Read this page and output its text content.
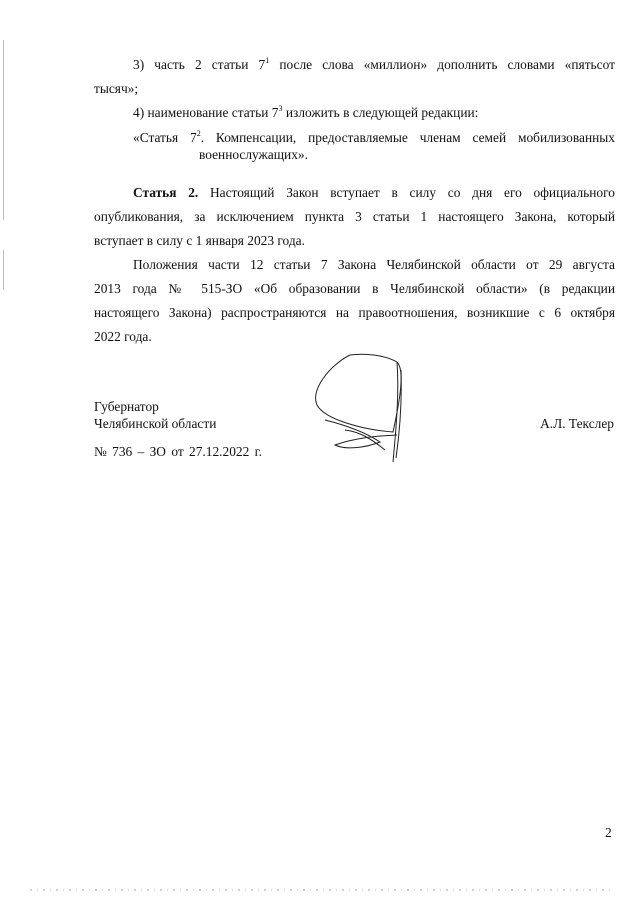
3) часть 2 статьи $7^1$ после слова «миллион» дополнить словами «пятьсот
тысяч»;
4) наименование статьи $7^3$ изложить в следующей редакции:
«Статья $7^2$. Компенсации, предоставляемые членам семей мобилизованных
военнослужащих».
Статья 2. Настоящий Закон вступает в силу со дня его официального
опубликования, за исключением пункта 3 статьи 1 настоящего Закона, который
вступает в силу с 1 января 2023 года.
Положения части 12 статьи 7 Закона Челябинской области от 29 августа
2013 года № 515-ЗО «Об образовании в Челябинской области» (в редакции
настоящего Закона) распространяются на правоотношения, возникшие с 6 октября
2022 года.
Губернатор
Челябинской области	А.Л. Текслер
№ 736 – ЗО от 27.12.2022 г.
2
